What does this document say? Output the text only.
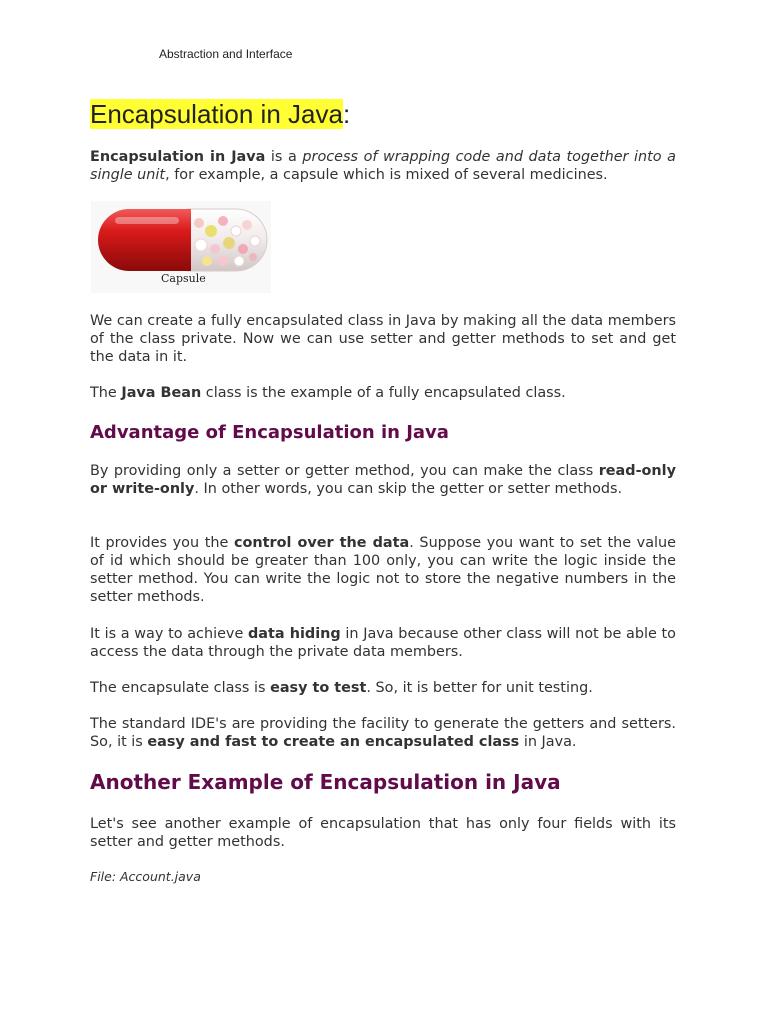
Abstraction and Interface
Encapsulation in Java:

Encapsulation in Java is a process of wrapping code and data together into a single unit, for example, a capsule which is mixed of several medicines.

Capsule

We can create a fully encapsulated class in Java by making all the data members of the class private. Now we can use setter and getter methods to set and get the data in it.

The Java Bean class is the example of a fully encapsulated class.

Advantage of Encapsulation in Java

By providing only a setter or getter method, you can make the class read-only or write-only. In other words, you can skip the getter or setter methods.

It provides you the control over the data. Suppose you want to set the value of id which should be greater than 100 only, you can write the logic inside the setter method. You can write the logic not to store the negative numbers in the setter methods.

It is a way to achieve data hiding in Java because other class will not be able to access the data through the private data members.

The encapsulate class is easy to test. So, it is better for unit testing.

The standard IDE's are providing the facility to generate the getters and setters. So, it is easy and fast to create an encapsulated class in Java.

Another Example of Encapsulation in Java

Let's see another example of encapsulation that has only four fields with its setter and getter methods.

File: Account.java
